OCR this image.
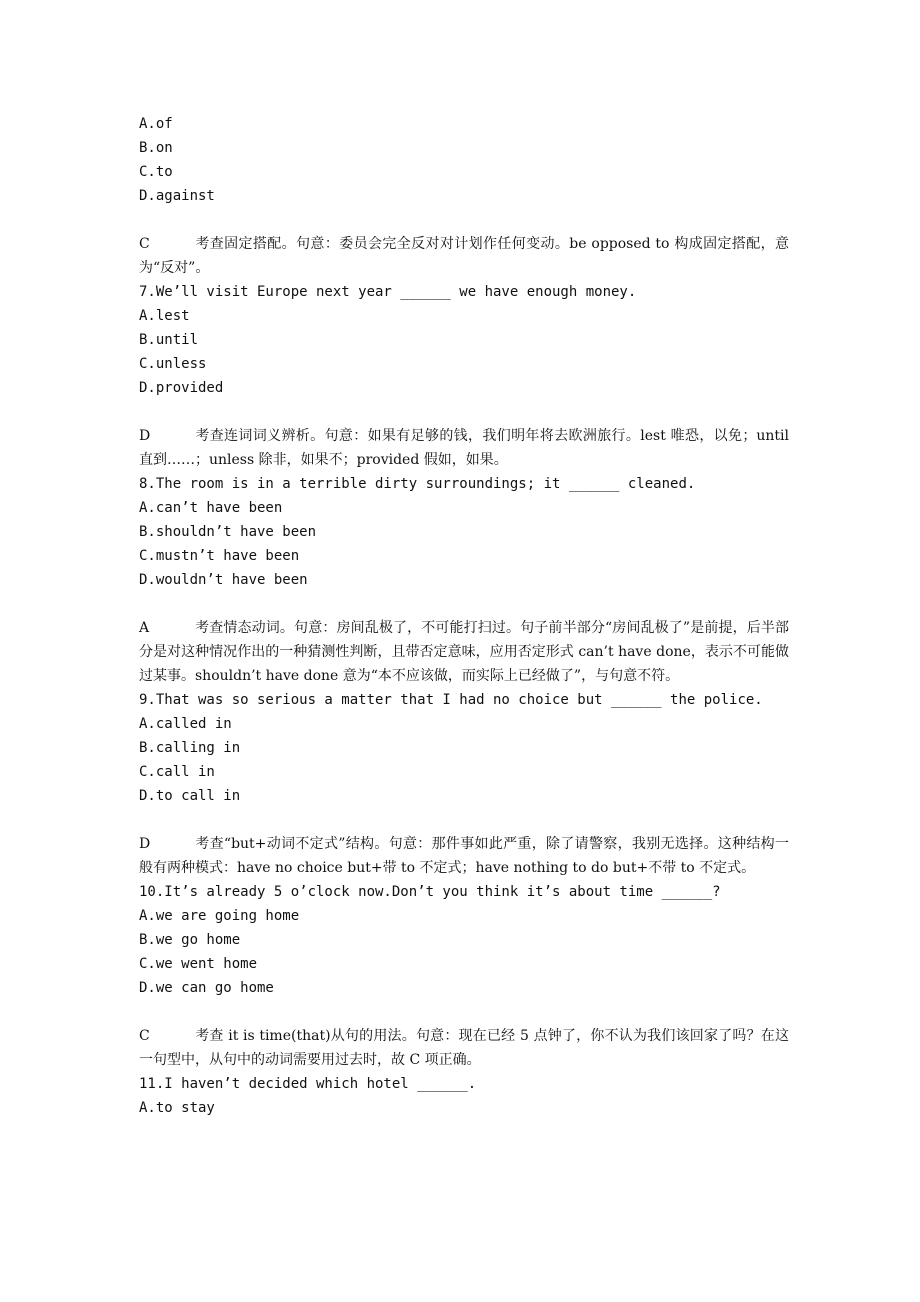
A.of
B.on
C.to
D.against
C	考查固定搭配。句意：委员会完全反对对计划作任何变动。be opposed to 构成固定搭配，意为“反对”。
7.We’ll visit Europe next year ______ we have enough money.
A.lest
B.until
C.unless
D.provided
D	考查连词词义辨析。句意：如果有足够的钱，我们明年将去欧洲旅行。lest 唯恐，以免；until 直到……；unless 除非，如果不；provided 假如，如果。
8.The room is in a terrible dirty surroundings; it ______ cleaned.
A.can’t have been
B.shouldn’t have been
C.mustn’t have been
D.wouldn’t have been
A	考查情态动词。句意：房间乱极了，不可能打扫过。句子前半部分“房间乱极了”是前提，后半部分是对这种情况作出的一种猜测性判断，且带否定意味，应用否定形式 can’t have done，表示不可能做过某事。shouldn’t have done 意为“本不应该做，而实际上已经做了”，与句意不符。
9.That was so serious a matter that I had no choice but ______ the police.
A.called in
B.calling in
C.call in
D.to call in
D	考查“but+动词不定式”结构。句意：那件事如此严重，除了请警察，我别无选择。这种结构一般有两种模式：have no choice but+带 to 不定式；have nothing to do but+不带 to 不定式。
10.It’s already 5 o’clock now.Don’t you think it’s about time ______?
A.we are going home
B.we go home
C.we went home
D.we can go home
C	考查 it is time(that)从句的用法。句意：现在已经 5 点钟了，你不认为我们该回家了吗？在这一句型中，从句中的动词需要用过去时，故 C 项正确。
11.I haven’t decided which hotel ______.
A.to stay
